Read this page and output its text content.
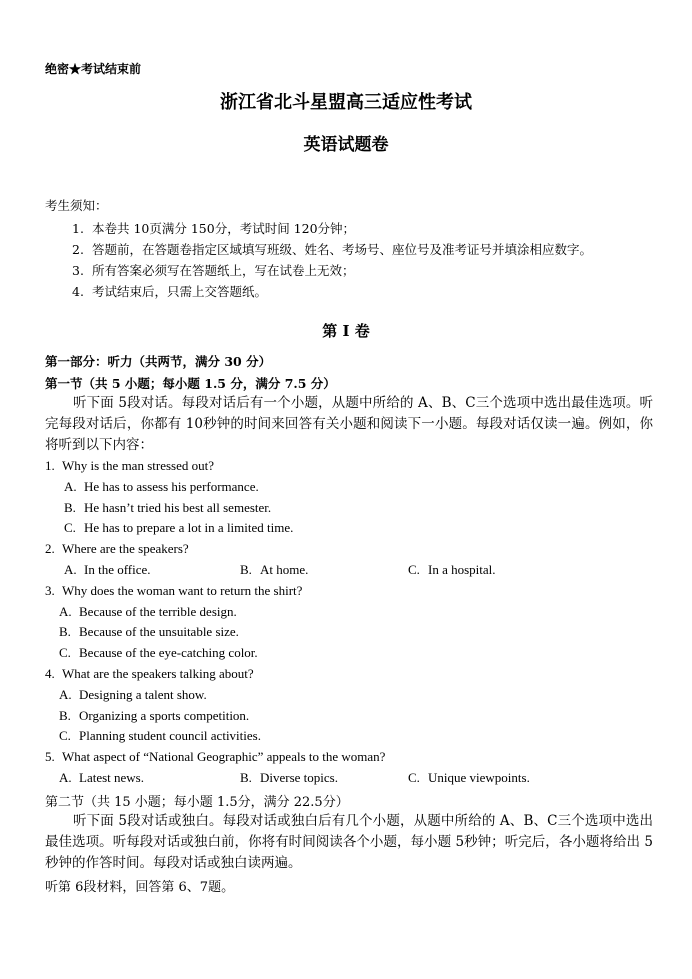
绝密★考试结束前
浙江省北斗星盟高三适应性考试
英语试题卷
考生须知：
1. 本卷共 10页满分 150分，考试时间 120分钟；
2. 答题前，在答题卷指定区域填写班级、姓名、考场号、座位号及准考证号并填涂相应数字。
3. 所有答案必须写在答题纸上，写在试卷上无效；
4. 考试结束后，只需上交答题纸。
第 I 卷
第一部分：听力（共两节，满分 30 分）
第一节（共 5 小题；每小题 1.5 分，满分 7.5 分）
听下面 5段对话。每段对话后有一个小题，从题中所给的 A、B、C三个选项中选出最佳选项。听完每段对话后，你都有 10秒钟的时间来回答有关小题和阅读下一小题。每段对话仅读一遍。例如，你将听到以下内容：
1. Why is the man stressed out?
A. He has to assess his performance.
B. He hasn’t tried his best all semester.
C. He has to prepare a lot in a limited time.
2. Where are the speakers?
A. In the office.	B. At home.	C. In a hospital.
3. Why does the woman want to return the shirt?
A. Because of the terrible design.
B. Because of the unsuitable size.
C. Because of the eye-catching color.
4. What are the speakers talking about?
A. Designing a talent show.
B. Organizing a sports competition.
C. Planning student council activities.
5. What aspect of “National Geographic” appeals to the woman?
A. Latest news.	B. Diverse topics.	C. Unique viewpoints.
第二节（共 15 小题；每小题 1.5分，满分 22.5分）
听下面 5段对话或独白。每段对话或独白后有几个小题，从题中所给的 A、B、C三个选项中选出最佳选项。听每段对话或独白前，你将有时间阅读各个小题，每小题 5秒钟；听完后，各小题将给出 5秒钟的作答时间。每段对话或独白读两遍。
听第 6段材料，回答第 6、7题。
